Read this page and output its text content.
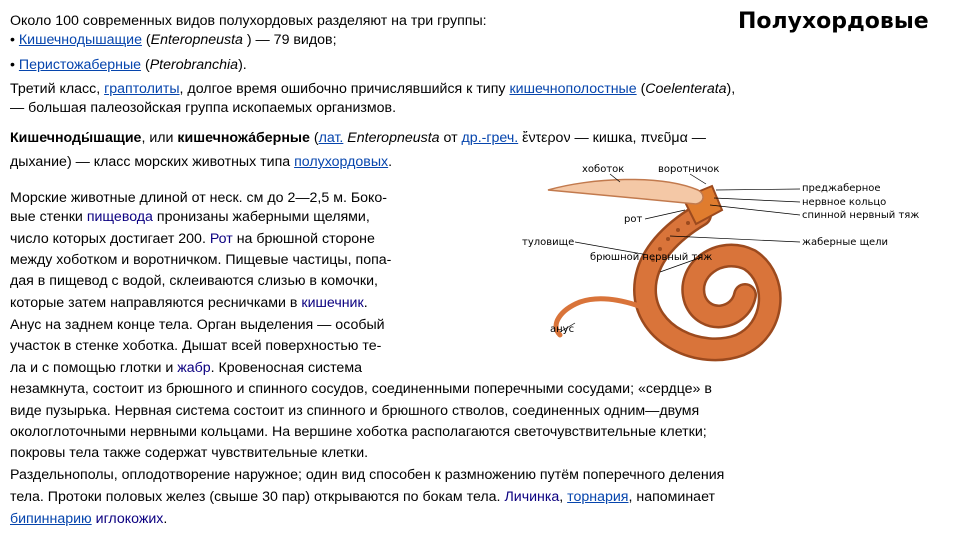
Полухордовые
Около 100 современных видов полухордовых разделяют на три группы:
• Кишечнодышащие (Enteropneusta ) — 79 видов;
• Перистожаберные (Pterobranchia).
Третий класс, граптолиты, долгое время ошибочно причислявшийся к типу кишечнополостные (Coelenterata),
— большая палеозойская группа ископаемых организмов.
Кишечноды́шащие, или кишечножа́берные (лат. Enteropneusta от др.-греч. ἔντερον — кишка, πνεῦμα —
дыхание) — класс морских животных типа полухордовых.
Морские животные длиной от неск. см до 2—2,5 м. Боко-
вые стенки пищевода пронизаны жаберными щелями,
число которых достигает 200. Рот на брюшной стороне
между хоботком и воротничком. Пищевые частицы, попа-
дая в пищевод с водой, склеиваются слизью в комочки,
которые затем направляются ресничками в кишечник.
Анус на заднем конце тела. Орган выделения — особый
участок в стенке хоботка. Дышат всей поверхностью те-
ла и с помощью глотки и жабр. Кровеносная система
незамкнута, состоит из брюшного и спинного сосудов, соединенными поперечными сосудами; «сердце» в
виде пузырька. Нервная система состоит из спинного и брюшного стволов, соединенных одним—двумя
окологлоточными нервными кольцами. На вершине хоботка располагаются светочувствительные клетки;
покровы тела также содержат чувствительные клетки.
Раздельнополы, оплодотворение наружное; один вид способен к размножению путём поперечного деления
тела. Протоки половых желез (свыше 30 пар) открываются по бокам тела. Личинка, торнария, напоминает
бипиннарию иглокожих.
хоботок	воротничок
преджаберное
нервное кольцо
спинной нервный тяж
рот
туловище	жаберные щели
брюшной нервный тяж
анус
